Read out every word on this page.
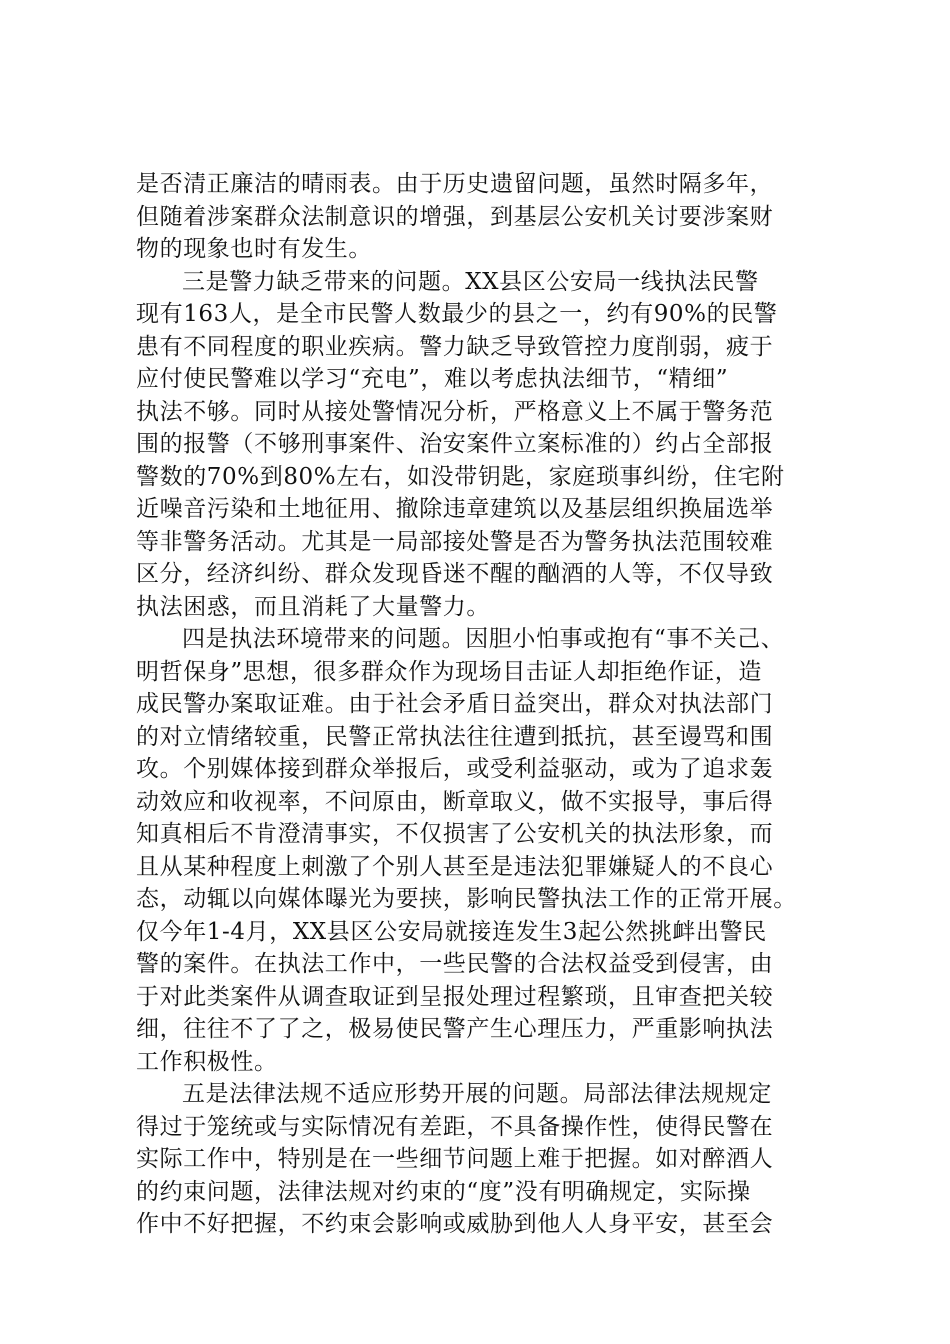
是否清正廉洁的晴雨表。由于历史遗留问题，虽然时隔多年，
但随着涉案群众法制意识的增强，到基层公安机关讨要涉案财
物的现象也时有发生。
三是警力缺乏带来的问题。XX县区公安局一线执法民警
现有163人，是全市民警人数最少的县之一，约有90%的民警
患有不同程度的职业疾病。警力缺乏导致管控力度削弱，疲于
应付使民警难以学习“充电”，难以考虑执法细节，“精细”
执法不够。同时从接处警情况分析，严格意义上不属于警务范
围的报警（不够刑事案件、治安案件立案标准的）约占全部报
警数的70%到80%左右，如没带钥匙，家庭琐事纠纷，住宅附
近噪音污染和土地征用、撤除违章建筑以及基层组织换届选举
等非警务活动。尤其是一局部接处警是否为警务执法范围较难
区分，经济纠纷、群众发现昏迷不醒的酗酒的人等，不仅导致
执法困惑，而且消耗了大量警力。
四是执法环境带来的问题。因胆小怕事或抱有“事不关己、
明哲保身”思想，很多群众作为现场目击证人却拒绝作证，造
成民警办案取证难。由于社会矛盾日益突出，群众对执法部门
的对立情绪较重，民警正常执法往往遭到抵抗，甚至谩骂和围
攻。个别媒体接到群众举报后，或受利益驱动，或为了追求轰
动效应和收视率，不问原由，断章取义，做不实报导，事后得
知真相后不肯澄清事实，不仅损害了公安机关的执法形象，而
且从某种程度上刺激了个别人甚至是违法犯罪嫌疑人的不良心
态，动辄以向媒体曝光为要挟，影响民警执法工作的正常开展。
仅今年1-4月，XX县区公安局就接连发生3起公然挑衅出警民
警的案件。在执法工作中，一些民警的合法权益受到侵害，由
于对此类案件从调查取证到呈报处理过程繁琐，且审查把关较
细，往往不了了之，极易使民警产生心理压力，严重影响执法
工作积极性。
五是法律法规不适应形势开展的问题。局部法律法规规定
得过于笼统或与实际情况有差距，不具备操作性，使得民警在
实际工作中，特别是在一些细节问题上难于把握。如对醉酒人
的约束问题，法律法规对约束的“度”没有明确规定，实际操
作中不好把握，不约束会影响或威胁到他人人身平安，甚至会
